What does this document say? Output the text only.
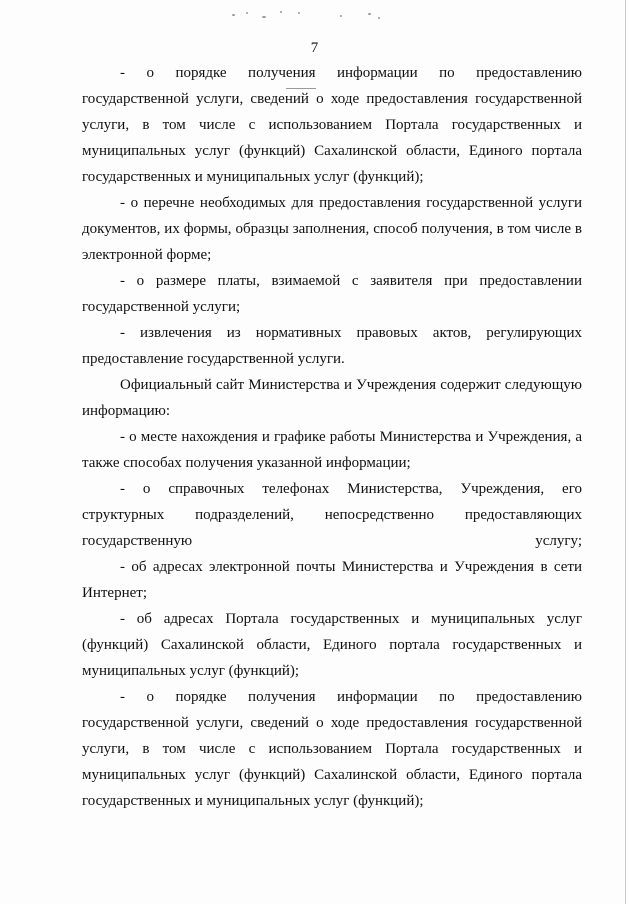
7

- о порядке получения информации по предоставлению государственной услуги, сведений о ходе предоставления государственной услуги, в том числе с использованием Портала государственных и муниципальных услуг (функций) Сахалинской области, Единого портала государственных и муниципальных услуг (функций);

- о перечне необходимых для предоставления государственной услуги документов, их формы, образцы заполнения, способ получения, в том числе в электронной форме;

- о размере платы, взимаемой с заявителя при предоставлении государственной услуги;

- извлечения из нормативных правовых актов, регулирующих предоставление государственной услуги.

Официальный сайт Министерства и Учреждения содержит следующую информацию:

- о месте нахождения и графике работы Министерства и Учреждения, а также способах получения указанной информации;

- о справочных телефонах Министерства, Учреждения, его структурных подразделений, непосредственно предоставляющих государственную услугу;

- об адресах электронной почты Министерства и Учреждения в сети Интернет;

- об адресах Портала государственных и муниципальных услуг (функций) Сахалинской области, Единого портала государственных и муниципальных услуг (функций);

- о порядке получения информации по предоставлению государственной услуги, сведений о ходе предоставления государственной услуги, в том числе с использованием Портала государственных и муниципальных услуг (функций) Сахалинской области, Единого портала государственных и муниципальных услуг (функций);
